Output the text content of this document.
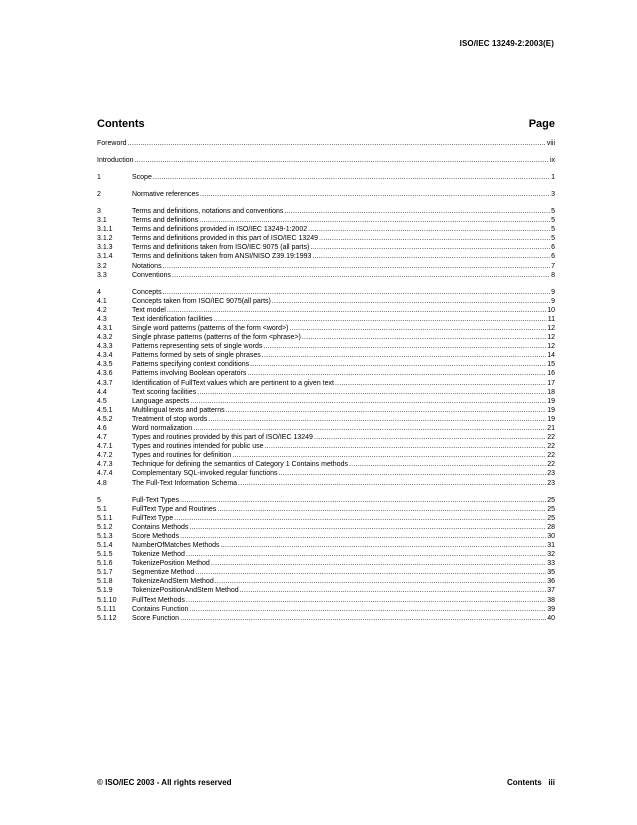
ISO/IEC 13249-2:2003(E)
Contents	Page
Foreword .....	viii
Introduction .....	ix
1	Scope .....	1
2	Normative references .....	3
3	Terms and definitions, notations and conventions .....	5
3.1	Terms and definitions .....	5
3.1.1	Terms and definitions provided in ISO/IEC 13249-1:2002 .....	5
3.1.2	Terms and definitions provided in this part of ISO/IEC 13249 .....	5
3.1.3	Terms and definitions taken from ISO/IEC 9075 (all parts) .....	6
3.1.4	Terms and definitions taken from ANSI/NISO Z39.19:1993 .....	6
3.2	Notations .....	7
3.3	Conventions .....	8
4	Concepts .....	9
4.1	Concepts taken from ISO/IEC 9075(all parts) .....	9
4.2	Text model .....	10
4.3	Text identification facilities .....	11
4.3.1	Single word patterns (patterns of the form <word>) .....	12
4.3.2	Single phrase patterns (patterns of the form <phrase>) .....	12
4.3.3	Patterns representing sets of single words .....	12
4.3.4	Patterns formed by sets of single phrases .....	14
4.3.5	Patterns specifying context conditions .....	15
4.3.6	Patterns involving Boolean operators .....	16
4.3.7	Identification of FullText values which are pertinent to a given text .....	17
4.4	Text scoring facilities .....	18
4.5	Language aspects .....	19
4.5.1	Multilingual texts and patterns .....	19
4.5.2	Treatment of stop words .....	19
4.6	Word normalization .....	21
4.7	Types and routines provided by this part of ISO/IEC 13249 .....	22
4.7.1	Types and routines intended for public use .....	22
4.7.2	Types and routines for definition .....	22
4.7.3	Technique for defining the semantics of Category 1 Contains methods .....	22
4.7.4	Complementary SQL-invoked regular functions .....	23
4.8	The Full-Text Information Schema .....	23
5	Full-Text Types .....	25
5.1	FullText Type and Routines .....	25
5.1.1	FullText Type .....	25
5.1.2	Contains Methods .....	28
5.1.3	Score Methods .....	30
5.1.4	NumberOfMatches Methods .....	31
5.1.5	Tokenize Method .....	32
5.1.6	TokenizePosition Method .....	33
5.1.7	Segmentize Method .....	35
5.1.8	TokenizeAndStem Method .....	36
5.1.9	TokenizePositionAndStem Method .....	37
5.1.10	FullText Methods .....	38
5.1.11	Contains Function .....	39
5.1.12	Score Function .....	40
© ISO/IEC 2003 - All rights reserved	Contents   iii
